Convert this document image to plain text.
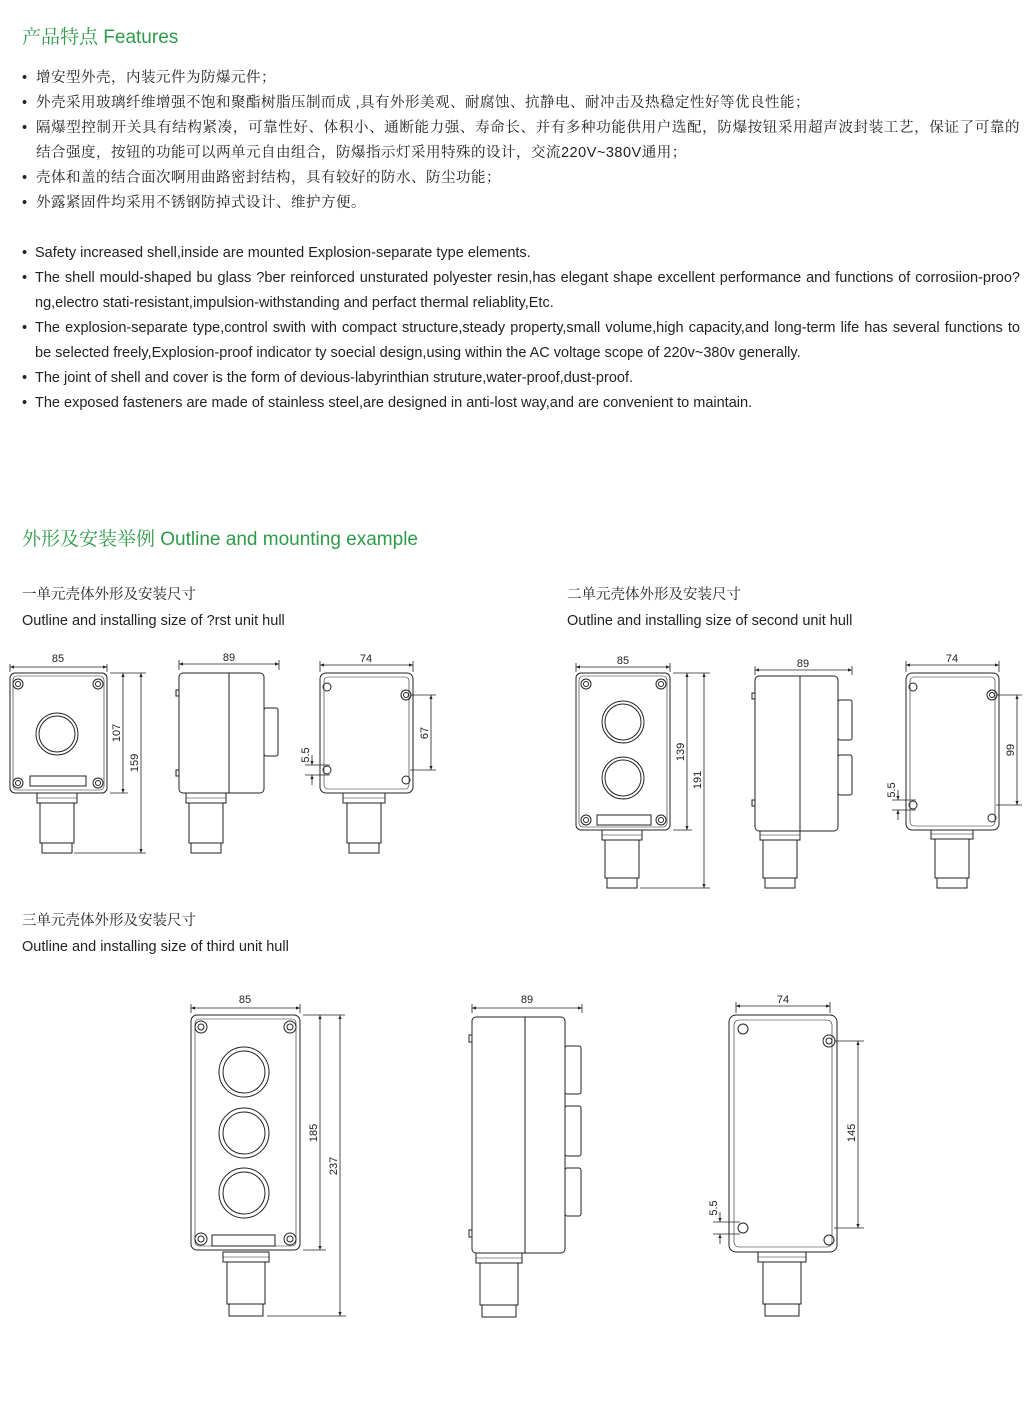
产品特点 Features
• 增安型外壳，内装元件为防爆元件；
• 外壳采用玻璃纤维增强不饱和聚酯树脂压制而成 ,具有外形美观、耐腐蚀、抗静电、耐冲击及热稳定性好等优良性能；
• 隔爆型控制开关具有结构紧凑，可靠性好、体积小、通断能力强、寿命长、并有多种功能供用户选配，防爆按钮采用超声波封装工艺，保证了可靠的结合强度，按钮的功能可以两单元自由组合，防爆指示灯采用特殊的设计，交流220V~380V通用；
• 壳体和盖的结合面次啊用曲路密封结构，具有较好的防水、防尘功能；
• 外露紧固件均采用不锈钢防掉式设计、维护方便。
• Safety increased shell,inside are mounted Explosion-separate type elements.
• The shell mould-shaped bu glass ?ber reinforced unsturated polyester resin,has elegant shape excellent performance and functions of corrosiion-proo?ng,electro stati-resistant,impulsion-withstanding and perfact thermal reliablity,Etc.
• The explosion-separate type,control swith with compact structure,steady property,small volume,high capacity,and long-term life has several functions to be selected freely,Explosion-proof indicator ty soecial design,using within the AC voltage scope of 220v~380v generally.
• The joint of shell and cover is the form of devious-labyrinthian struture,water-proof,dust-proof.
• The exposed fasteners are made of stainless steel,are designed in anti-lost way,and are convenient to maintain.
外形及安装举例 Outline and mounting example
一单元壳体外形及安装尺寸
Outline and installing size of ?rst unit hull
二单元壳体外形及安装尺寸
Outline and installing size of second unit hull
三单元壳体外形及安装尺寸
Outline and installing size of third unit hull
85
107
159
89	74
67
5.5
85
139
191
89	74
99
5.5
85
185
237
89	74
145
5.5
